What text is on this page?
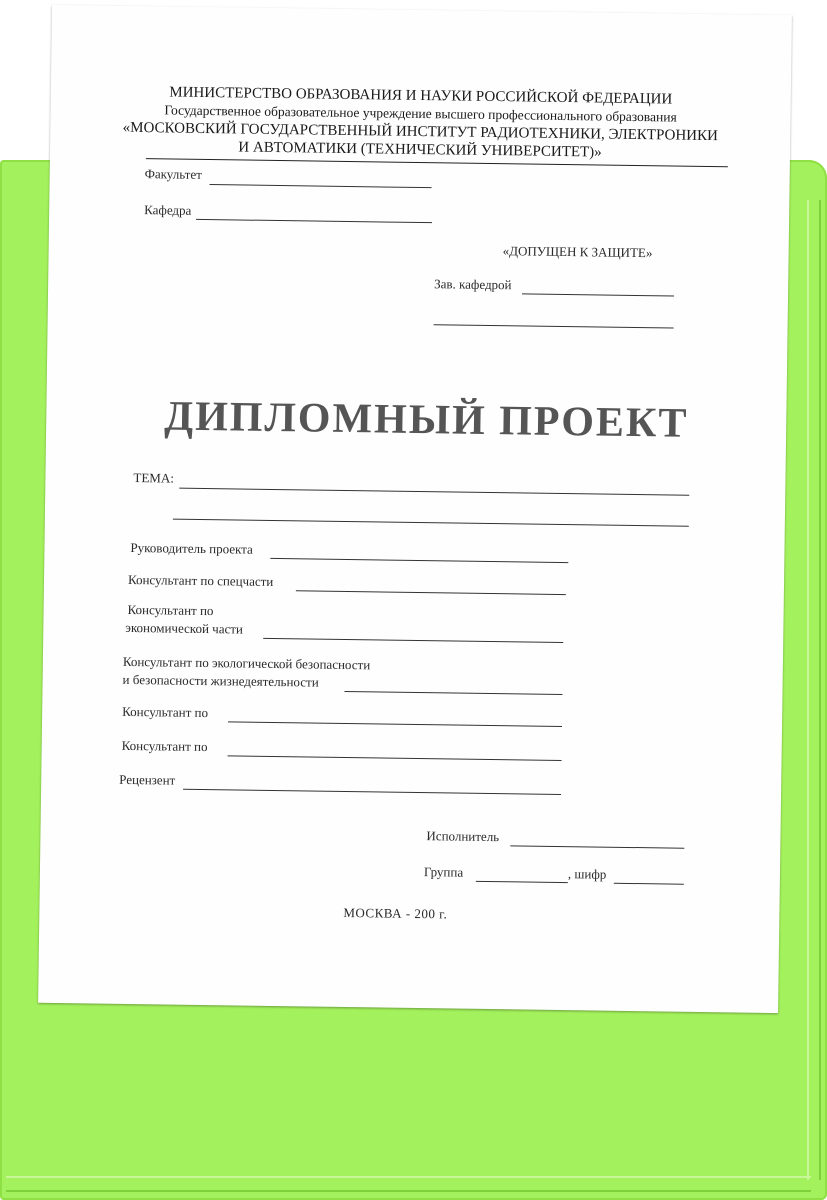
МИНИСТЕРСТВО ОБРАЗОВАНИЯ И НАУКИ РОССИЙСКОЙ ФЕДЕРАЦИИ
Государственное образовательное учреждение высшего профессионального образования
«МОСКОВСКИЙ ГОСУДАРСТВЕННЫЙ ИНСТИТУТ РАДИОТЕХНИКИ, ЭЛЕКТРОНИКИ
И АВТОМАТИКИ (ТЕХНИЧЕСКИЙ УНИВЕРСИТЕТ)»
Факультет
Кафедра
«ДОПУЩЕН К ЗАЩИТЕ»
Зав. кафедрой
ДИПЛОМНЫЙ ПРОЕКТ
ТЕМА:
Руководитель проекта
Консультант по спецчасти
Консультант по
экономической части
Консультант по экологической безопасности
и безопасности жизнедеятельности
Консультант по
Консультант по
Рецензент
Исполнитель
Группа	, шифр
МОСКВА - 200 г.
